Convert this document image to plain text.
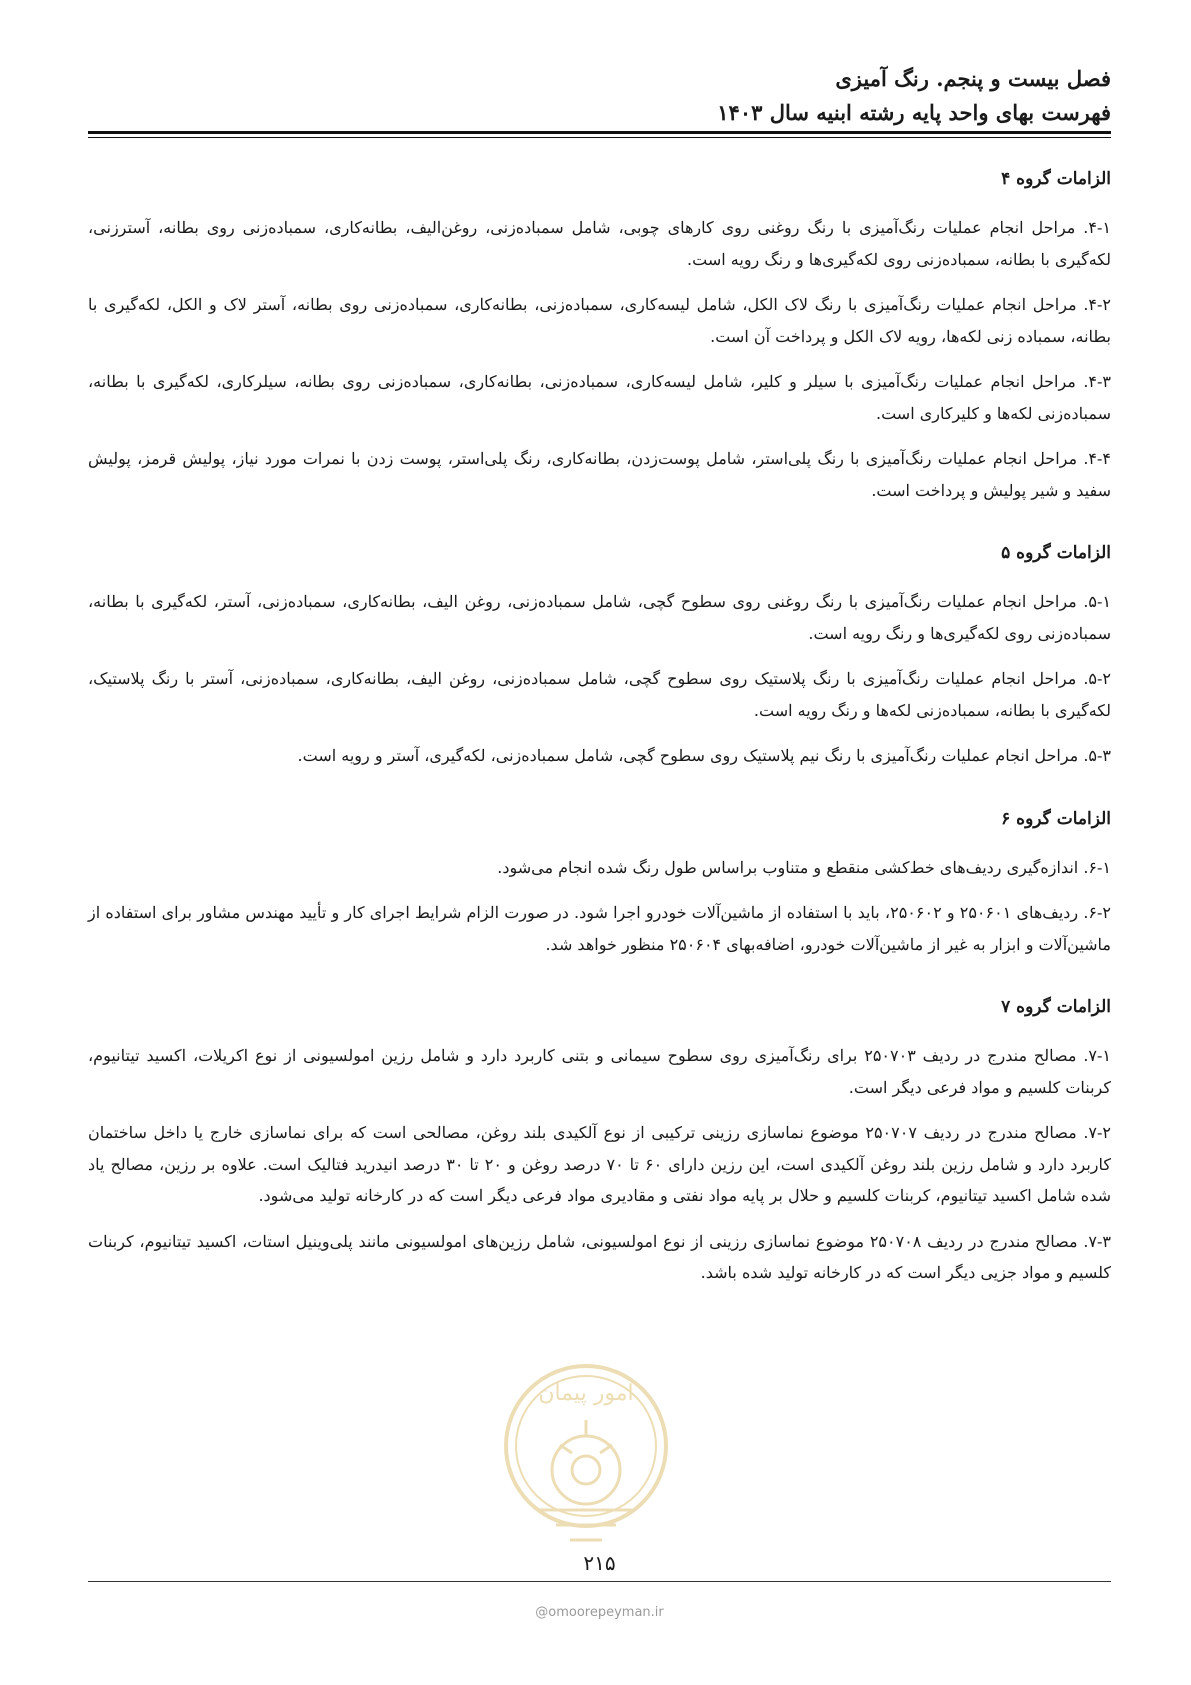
فصل بیست و پنجم. رنگ آمیزی
فهرست بهای واحد پایه رشته ابنیه سال ۱۴۰۳
الزامات گروه ۴

۴-۱. مراحل انجام عملیات رنگ‌آمیزی با رنگ روغنی روی کارهای چوبی، شامل سمباده‌زنی، روغن‌الیف، بطانه‌کاری، سمباده‌زنی روی بطانه، آسترزنی، لکه‌گیری با بطانه، سمباده‌زنی روی لکه‌گیری‌ها و رنگ رویه است.

۴-۲. مراحل انجام عملیات رنگ‌آمیزی با رنگ لاک الکل، شامل لیسه‌کاری، سمباده‌زنی، بطانه‌کاری، سمباده‌زنی روی بطانه، آستر لاک و الکل، لکه‌گیری با بطانه، سمباده زنی لکه‌ها، رویه لاک الکل و پرداخت آن است.

۴-۳. مراحل انجام عملیات رنگ‌آمیزی با سیلر و کلیر، شامل لیسه‌کاری، سمباده‌زنی، بطانه‌کاری، سمباده‌زنی روی بطانه، سیلرکاری، لکه‌گیری با بطانه، سمباده‌زنی لکه‌ها و کلیرکاری است.

۴-۴. مراحل انجام عملیات رنگ‌آمیزی با رنگ پلی‌استر، شامل پوست‌زدن، بطانه‌کاری، رنگ پلی‌استر، پوست زدن با نمرات مورد نیاز، پولیش قرمز، پولیش سفید و شیر پولیش و پرداخت است.

الزامات گروه ۵

۵-۱. مراحل انجام عملیات رنگ‌آمیزی با رنگ روغنی روی سطوح گچی، شامل سمباده‌زنی، روغن الیف، بطانه‌کاری، سمباده‌زنی، آستر، لکه‌گیری با بطانه، سمباده‌زنی روی لکه‌گیری‌ها و رنگ رویه است.

۵-۲. مراحل انجام عملیات رنگ‌آمیزی با رنگ پلاستیک روی سطوح گچی، شامل سمباده‌زنی، روغن الیف، بطانه‌کاری، سمباده‌زنی، آستر با رنگ پلاستیک، لکه‌گیری با بطانه، سمباده‌زنی لکه‌ها و رنگ رویه است.

۵-۳. مراحل انجام عملیات رنگ‌آمیزی با رنگ نیم پلاستیک روی سطوح گچی، شامل سمباده‌زنی، لکه‌گیری، آستر و رویه است.

الزامات گروه ۶

۶-۱. اندازه‌گیری ردیف‌های خط‌کشی منقطع و متناوب براساس طول رنگ شده انجام می‌شود.

۶-۲. ردیف‌های ۲۵۰۶۰۱ و ۲۵۰۶۰۲، باید با استفاده از ماشین‌آلات خودرو اجرا شود. در صورت الزام شرایط اجرای کار و تأیید مهندس مشاور برای استفاده از ماشین‌آلات و ابزار به غیر از ماشین‌آلات خودرو، اضافه‌بهای ۲۵۰۶۰۴ منظور خواهد شد.

الزامات گروه ۷

۷-۱. مصالح مندرج در ردیف ۲۵۰۷۰۳ برای رنگ‌آمیزی روی سطوح سیمانی و بتنی کاربرد دارد و شامل رزین امولسیونی از نوع اکریلات، اکسید تیتانیوم، کربنات کلسیم و مواد فرعی دیگر است.

۷-۲. مصالح مندرج در ردیف ۲۵۰۷۰۷ موضوع نماسازی رزینی ترکیبی از نوع آلکیدی بلند روغن، مصالحی است که برای نماسازی خارج یا داخل ساختمان کاربرد دارد و شامل رزین بلند روغن آلکیدی است، این رزین دارای ۶۰ تا ۷۰ درصد روغن و ۲۰ تا ۳۰ درصد انیدرید فتالیک است. علاوه بر رزین، مصالح یاد شده شامل اکسید تیتانیوم، کربنات کلسیم و حلال بر پایه مواد نفتی و مقادیری مواد فرعی دیگر است که در کارخانه تولید می‌شود.

۷-۳. مصالح مندرج در ردیف ۲۵۰۷۰۸ موضوع نماسازی رزینی از نوع امولسیونی، شامل رزین‌های امولسیونی مانند پلی‌وینیل استات، اکسید تیتانیوم، کربنات کلسیم و مواد جزیی دیگر است که در کارخانه تولید شده باشد.

۲۱۵
@omoorepeyman.ir
امور پیمان
